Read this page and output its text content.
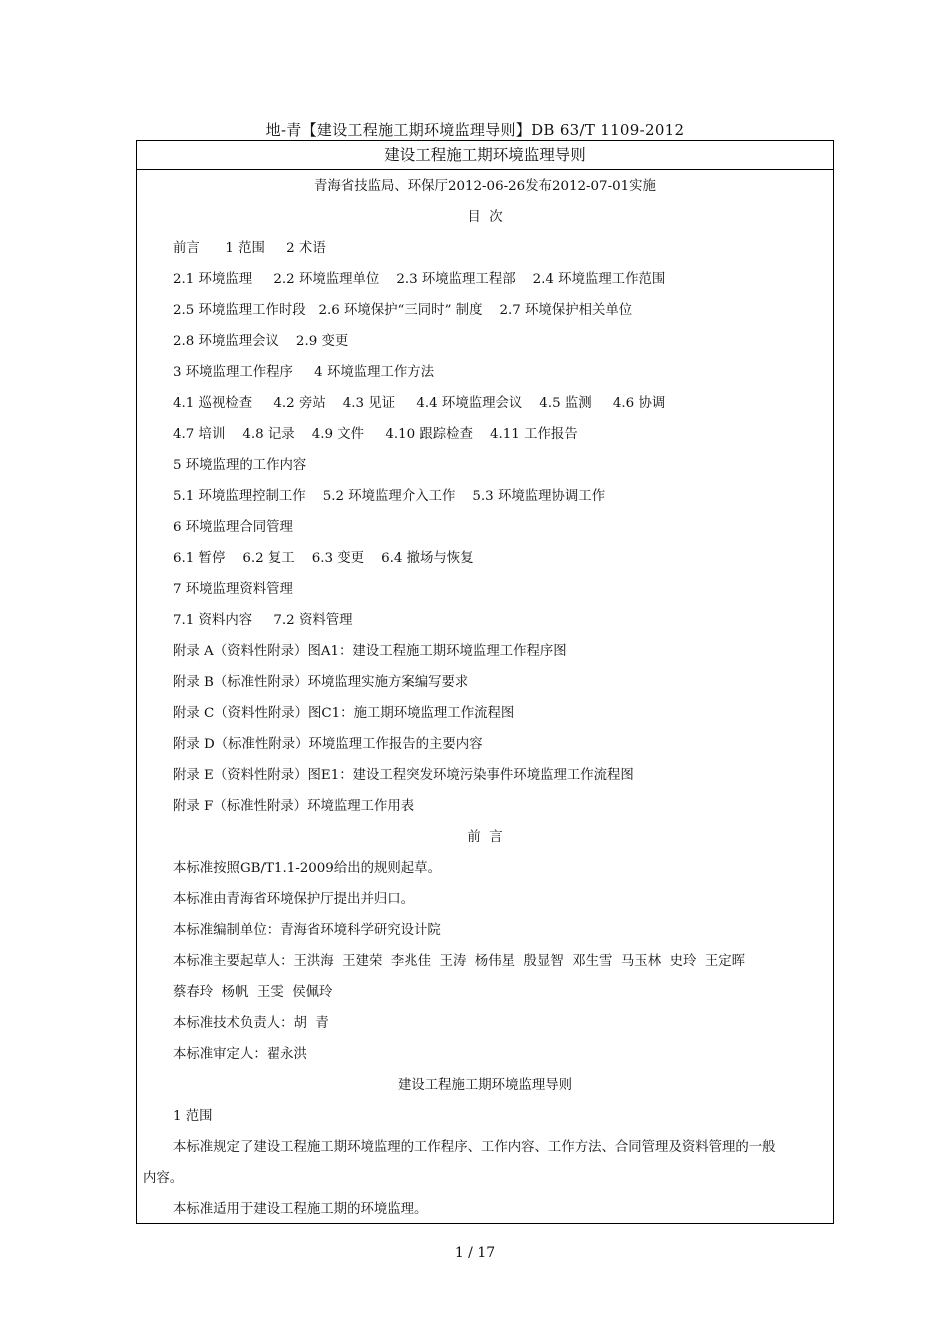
地-青【建设工程施工期环境监理导则】DB 63/T 1109-2012
建设工程施工期环境监理导则
青海省技监局、环保厅2012-06-26发布2012-07-01实施
目  次
前言      1 范围     2 术语
2.1 环境监理     2.2 环境监理单位    2.3 环境监理工程部    2.4 环境监理工作范围
2.5 环境监理工作时段   2.6 环境保护“三同时” 制度    2.7 环境保护相关单位
2.8 环境监理会议    2.9 变更
3 环境监理工作程序     4 环境监理工作方法
4.1 巡视检查     4.2 旁站    4.3 见证     4.4 环境监理会议    4.5 监测     4.6 协调
4.7 培训    4.8 记录    4.9 文件     4.10 跟踪检查    4.11 工作报告
5 环境监理的工作内容
5.1 环境监理控制工作    5.2 环境监理介入工作    5.3 环境监理协调工作
6 环境监理合同管理
6.1 暂停    6.2 复工    6.3 变更    6.4 撤场与恢复
7 环境监理资料管理
7.1 资料内容     7.2 资料管理
附录 A（资料性附录）图A1：建设工程施工期环境监理工作程序图
附录 B（标准性附录）环境监理实施方案编写要求
附录 C（资料性附录）图C1：施工期环境监理工作流程图
附录 D（标准性附录）环境监理工作报告的主要内容
附录 E（资料性附录）图E1：建设工程突发环境污染事件环境监理工作流程图
附录 F（标准性附录）环境监理工作用表
前  言
本标准按照GB/T1.1-2009给出的规则起草。
本标准由青海省环境保护厅提出并归口。
本标准编制单位：青海省环境科学研究设计院
本标准主要起草人：王洪海  王建荣  李兆佳  王涛  杨伟星  殷显智  邓生雪  马玉林  史玲  王定晖
蔡春玲  杨帆  王雯  侯佩玲
本标准技术负责人：胡  青
本标准审定人：翟永洪
建设工程施工期环境监理导则
1 范围
本标准规定了建设工程施工期环境监理的工作程序、工作内容、工作方法、合同管理及资料管理的一般
内容。
本标准适用于建设工程施工期的环境监理。
1 / 17
